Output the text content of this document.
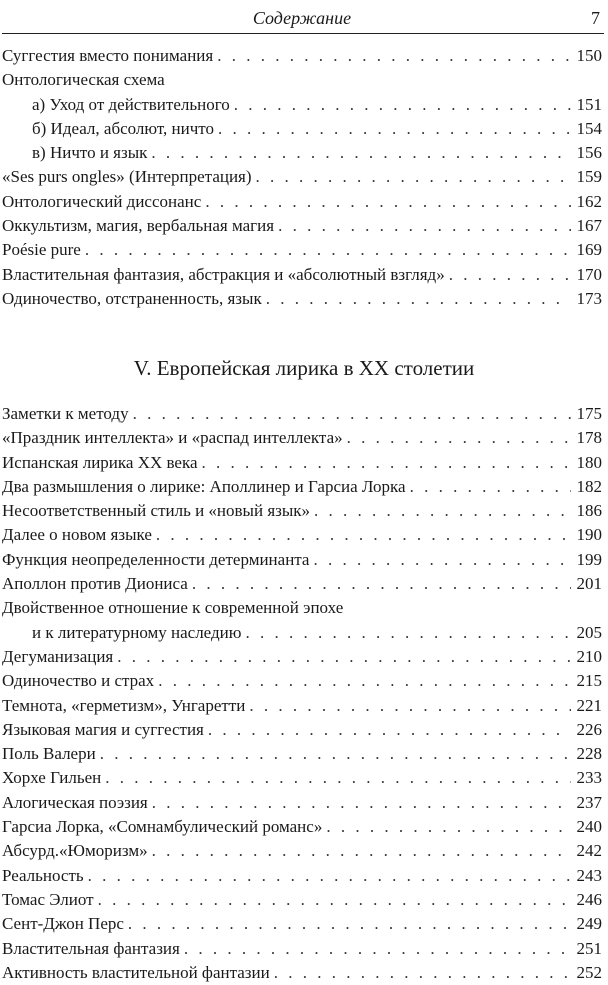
Содержание	7
Суггестия вместо понимания . . .	150
Онтологическая схема
а) Уход от действительного . . .	151
б) Идеал, абсолют, ничто . . .	154
в) Ничто и язык . . .	156
«Ses purs ongles» (Интерпретация) . . .	159
Онтологический диссонанс . . .	162
Оккультизм, магия, вербальная магия . . .	167
Poésie pure . . .	169
Властительная фантазия, абстракция и «абсолютный взгляд» . . .	170
Одиночество, отстраненность, язык . . .	173
V. Европейская лирика в XX столетии
Заметки к методу . . .	175
«Праздник интеллекта» и «распад интеллекта» . . .	178
Испанская лирика XX века . . .	180
Два размышления о лирике: Аполлинер и Гарсиа Лорка . . .	182
Несоответственный стиль и «новый язык» . . .	186
Далее о новом языке . . .	190
Функция неопределенности детерминанта . . .	199
Аполлон против Диониса . . .	201
Двойственное отношение к современной эпохе
и к литературному наследию . . .	205
Дегуманизация . . .	210
Одиночество и страх . . .	215
Темнота, «герметизм», Унгаретти . . .	221
Языковая магия и суггестия . . .	226
Поль Валери . . .	228
Хорхе Гильен . . .	233
Алогическая поэзия . . .	237
Гарсиа Лорка, «Сомнамбулический романс» . . .	240
Абсурд.«Юморизм» . . .	242
Реальность . . .	243
Томас Элиот . . .	246
Сент-Джон Перс . . .	249
Властительная фантазия . . .	251
Активность властительной фантазии . . .	252
